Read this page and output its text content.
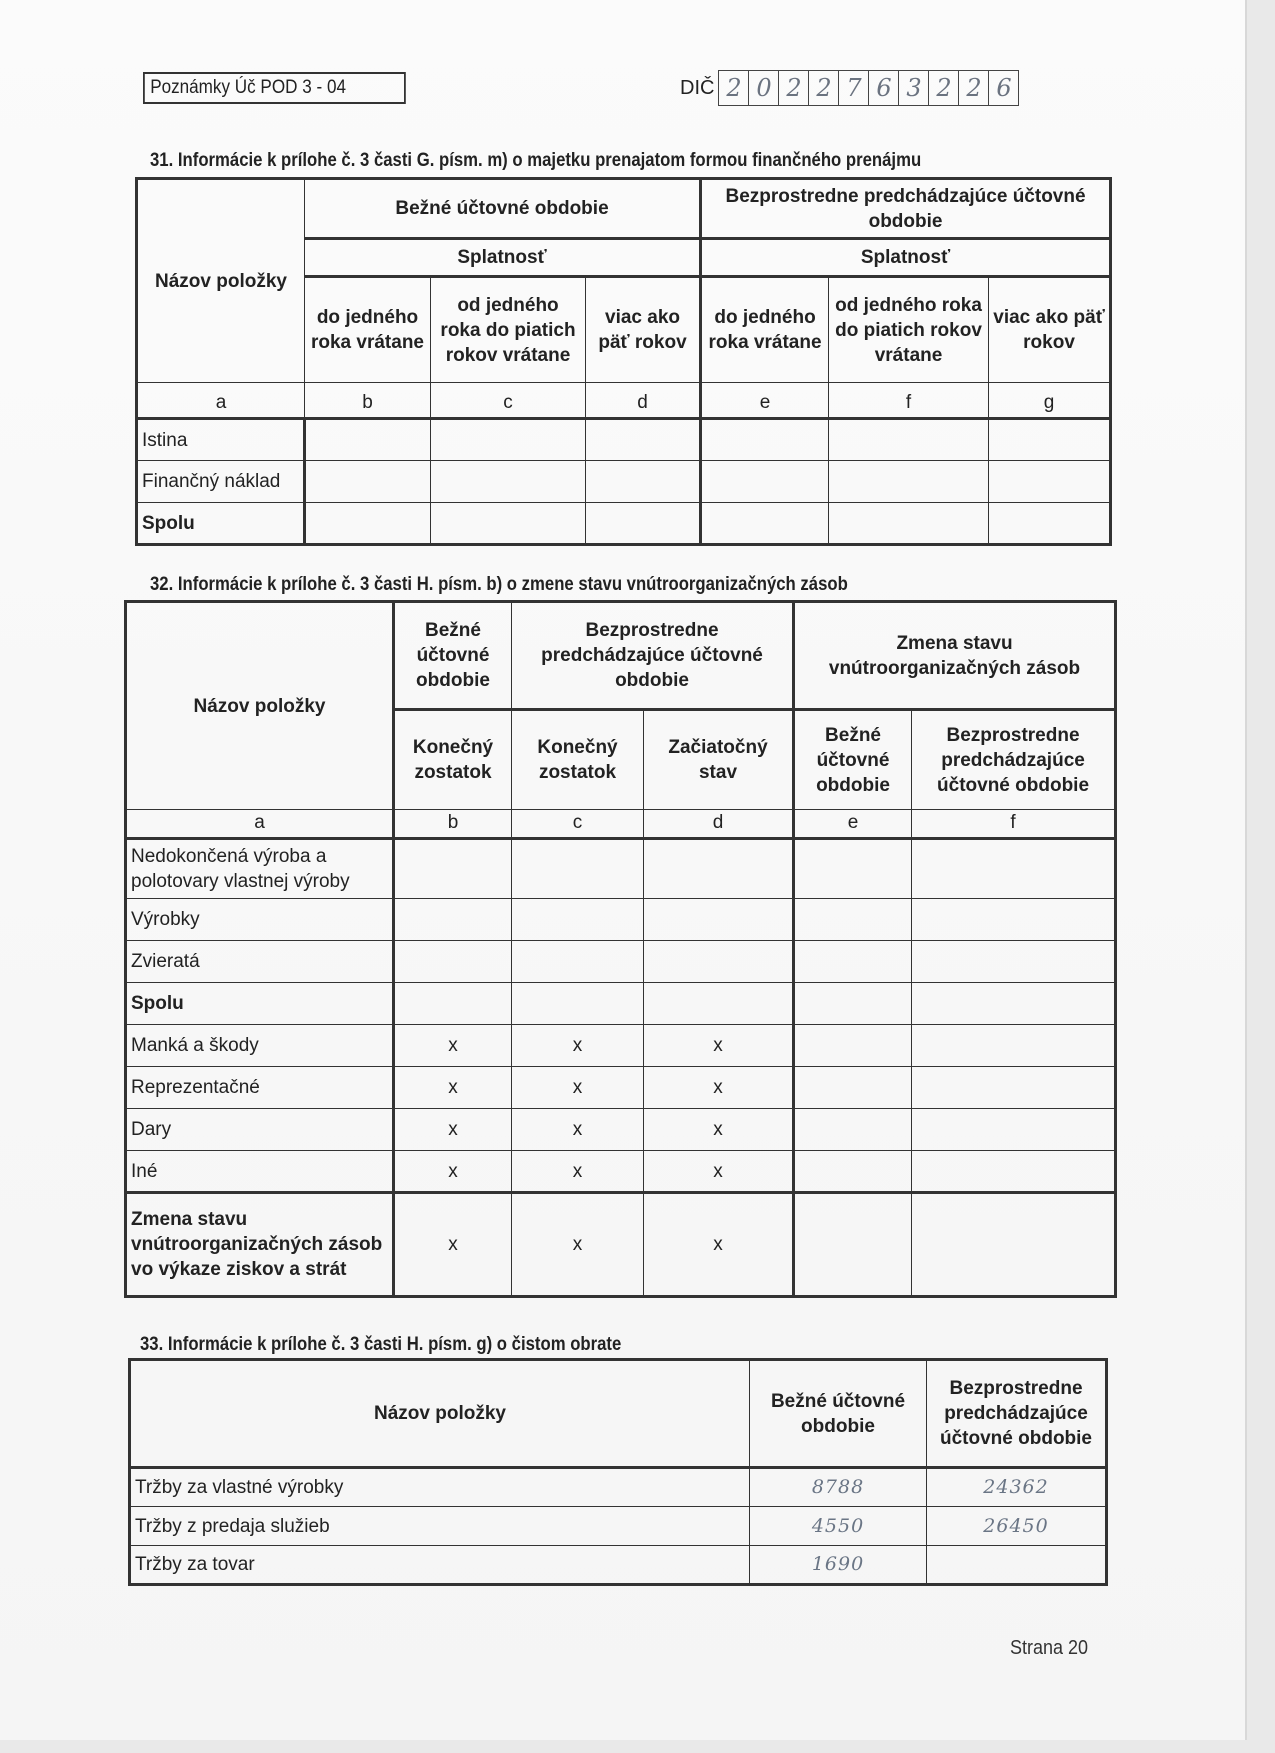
Poznámky Úč POD 3 - 04	DIČ 2 0 2 2 7 6 3 2 2 6
31. Informácie k prílohe č. 3 časti G. písm. m) o majetku prenajatom formou finančného prenájmu
Názov položky	Bežné účtovné obdobie			Bezprostredne predchádzajúce účtovné obdobie		
	Splatnosť			Splatnosť		
	do jedného roka vrátane	od jedného roka do piatich rokov vrátane	viac ako päť rokov	do jedného roka vrátane	od jedného roka do piatich rokov vrátane	viac ako päť rokov

a	b	c	d	e	f	g
Istina						
Finančný náklad						
Spolu						
32. Informácie k prílohe č. 3 časti H. písm. b) o zmene stavu vnútroorganizačných zásob
Názov položky	Bežné účtovné obdobie	Bezprostredne predchádzajúce účtovné obdobie		Zmena stavu vnútroorganizačných zásob	
	Konečný zostatok	Konečný zostatok	Začiatočný stav	Bežné účtovné obdobie	Bezprostredne predchádzajúce účtovné obdobie
a	b	c	d	e	f
Nedokončená výroba a polotovary vlastnej výroby					
Výrobky					
Zvieratá					
Spolu					
Manká a škody	x	x	x		
Reprezentačné	x	x	x		
Dary	x	x	x		
Iné	x	x	x		
Zmena stavu vnútroorganizačných zásob vo výkaze ziskov a strát	x	x	x		
33. Informácie k prílohe č. 3 časti H. písm. g) o čistom obrate
Názov položky	Bežné účtovné obdobie	Bezprostredne predchádzajúce účtovné obdobie
Tržby za vlastné výrobky	8788	24362
Tržby z predaja služieb	4550	26450
Tržby za tovar	1690	
Strana 20
